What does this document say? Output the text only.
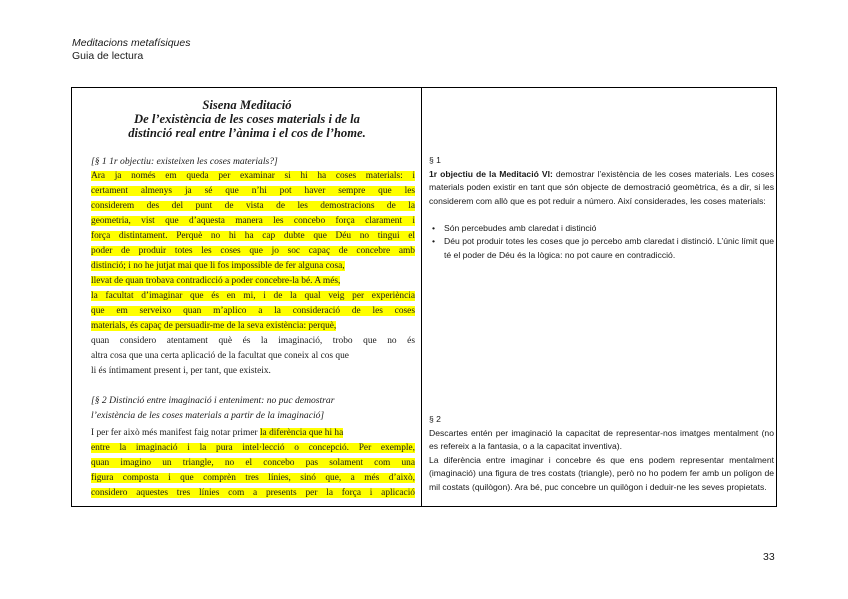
Meditacions metafísiques
Guia de lectura
Sisena Meditació
De l’existència de les coses materials i de la
distinció real entre l’ànima i el cos de l’home.
[§ 1 1r objectiu: existeixen les coses materials?]
Ara ja només em queda per examinar si hi ha coses materials: i
certament almenys ja sé que n’hi pot haver sempre que les
considerem des del punt de vista de les demostracions de la
geometria, vist que d’aquesta manera les concebo força clarament i
força distintament. Perquè no hi ha cap dubte que Déu no tingui el
poder de produir totes les coses que jo soc capaç de concebre amb
distinció; i no he jutjat mai que li fos impossible de fer alguna cosa,
llevat de quan trobava contradicció a poder concebre-la bé. A més,
la facultat d’imaginar que és en mi, i de la qual veig per experiència
que em serveixo quan m’aplico a la consideració de les coses
materials, és capaç de persuadir-me de la seva existència: perquè,
quan considero atentament què és la imaginació, trobo que no és
altra cosa que una certa aplicació de la facultat que coneix al cos que
li és íntimament present i, per tant, que existeix.
[§ 2 Distinció entre imaginació i enteniment: no puc demostrar
l’existència de les coses materials a partir de la imaginació]
I per fer això més manifest faig notar primer la diferència que hi ha
entre la imaginació i la pura intel·lecció o concepció. Per exemple,
quan imagino un triangle, no el concebo pas solament com una
figura composta i que comprèn tres línies, sinó que, a més d’això,
considero aquestes tres línies com a presents per la força i aplicació
§ 1
1r objectiu de la Meditació VI: demostrar l’existència de les coses materials. Les coses materials poden existir en tant que són objecte de demostració geomètrica, és a dir, si les considerem com allò que es pot reduir a número. Així considerades, les coses materials:
• Són percebudes amb claredat i distinció
• Déu pot produir totes les coses que jo percebo amb claredat i distinció. L’únic límit que té el poder de Déu és la lògica: no pot caure en contradicció.
§ 2
Descartes entén per imaginació la capacitat de representar-nos imatges mentalment (no es refereix a la fantasia, o a la capacitat inventiva).
La diferència entre imaginar i concebre és que ens podem representar mentalment (imaginació) una figura de tres costats (triangle), però no ho podem fer amb un polígon de mil costats (quilògon). Ara bé, puc concebre un quilògon i deduir-ne les seves propietats.
33
